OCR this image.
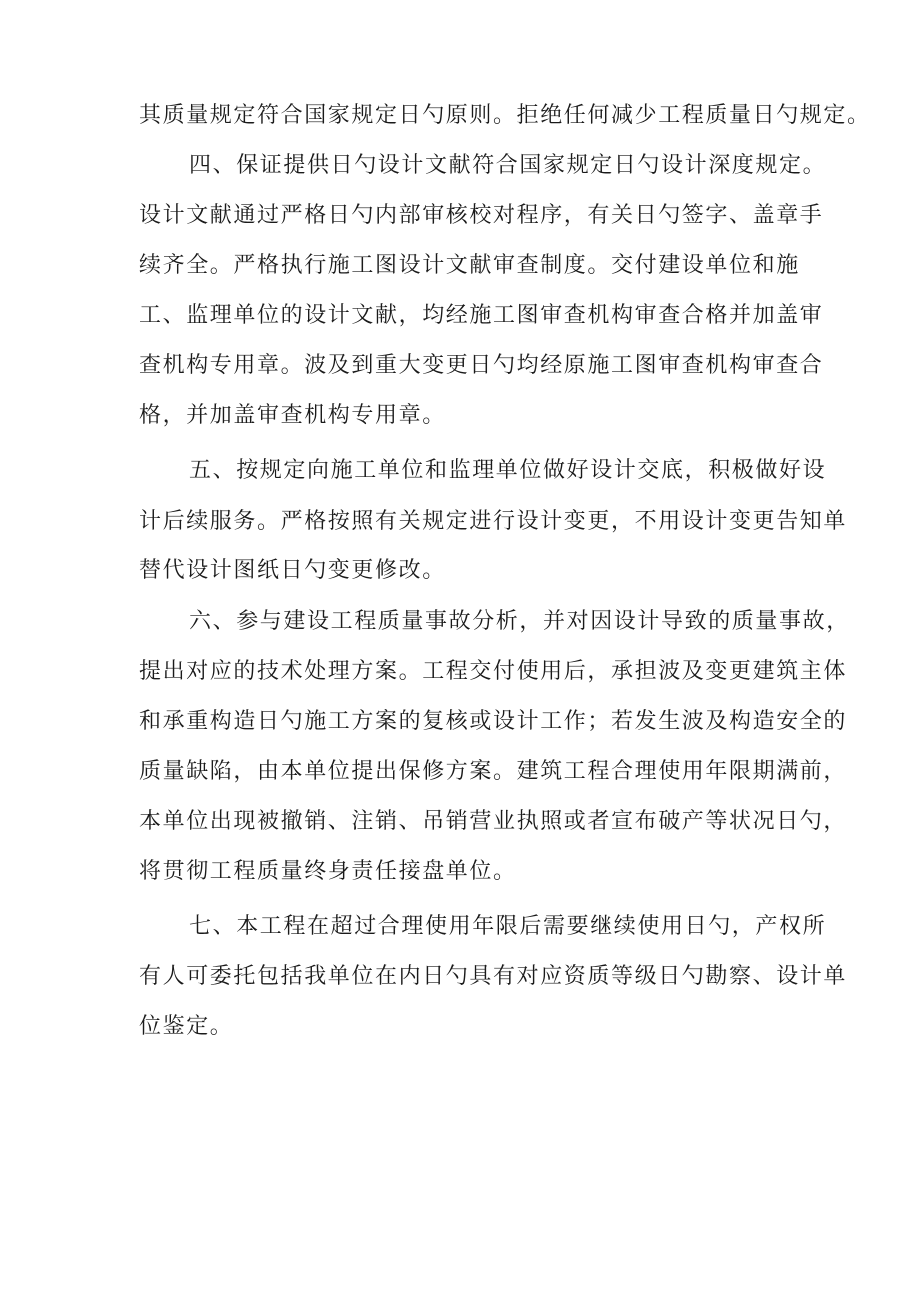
其质量规定符合国家规定日勺原则。拒绝任何减少工程质量日勺规定。

四、保证提供日勺设计文献符合国家规定日勺设计深度规定。

设计文献通过严格日勺内部审核校对程序，有关日勺签字、盖章手

续齐全。严格执行施工图设计文献审查制度。交付建设单位和施

工、监理单位的设计文献，均经施工图审查机构审查合格并加盖审

查机构专用章。波及到重大变更日勺均经原施工图审查机构审查合

格，并加盖审查机构专用章。

五、按规定向施工单位和监理单位做好设计交底，积极做好设

计后续服务。严格按照有关规定进行设计变更，不用设计变更告知单

替代设计图纸日勺变更修改。

六、参与建设工程质量事故分析，并对因设计导致的质量事故，

提出对应的技术处理方案。工程交付使用后，承担波及变更建筑主体

和承重构造日勺施工方案的复核或设计工作；若发生波及构造安全的

质量缺陷，由本单位提出保修方案。建筑工程合理使用年限期满前，

本单位出现被撤销、注销、吊销营业执照或者宣布破产等状况日勺，

将贯彻工程质量终身责任接盘单位。

七、本工程在超过合理使用年限后需要继续使用日勺，产权所

有人可委托包括我单位在内日勺具有对应资质等级日勺勘察、设计单

位鉴定。
